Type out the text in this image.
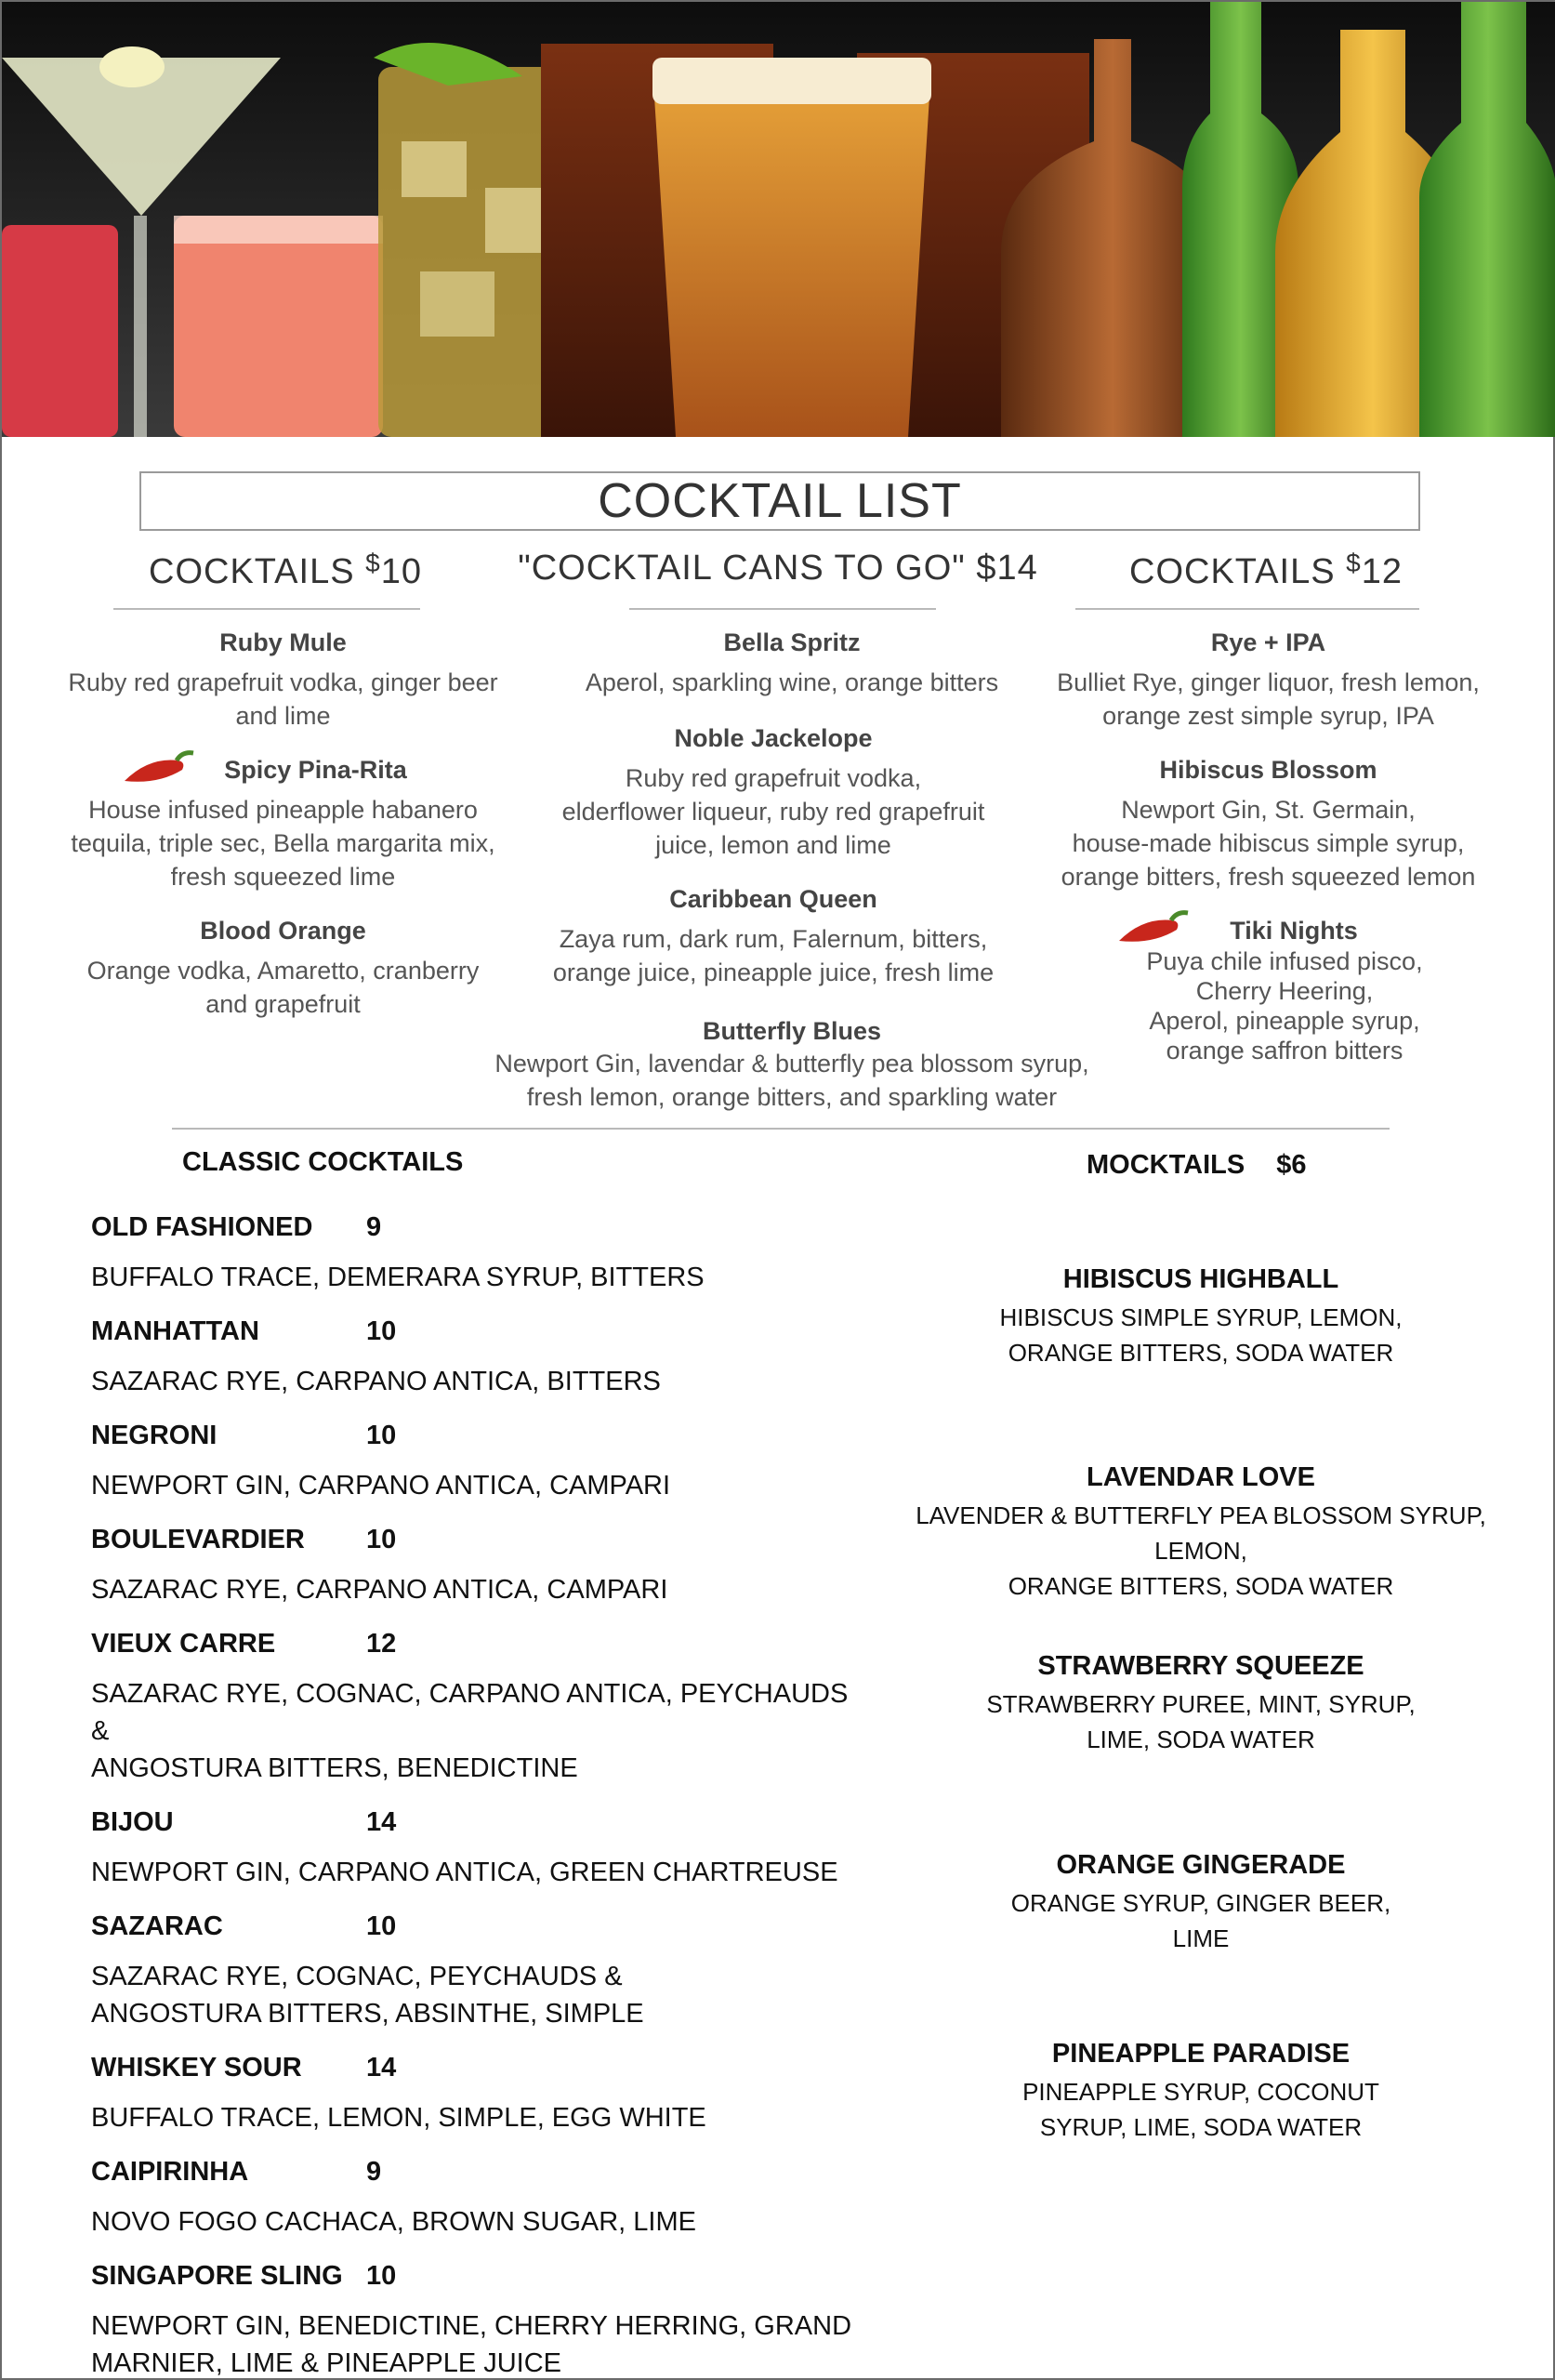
COCKTAIL LIST
COCKTAILS $10	"COCKTAIL CANS TO GO" $14	COCKTAILS $12
Ruby Mule
Ruby red grapefruit vodka, ginger beer
and lime
Spicy Pina-Rita
House infused pineapple habanero
tequila, triple sec, Bella margarita mix,
fresh squeezed lime
Blood Orange
Orange vodka, Amaretto, cranberry
and grapefruit
Bella Spritz
Aperol, sparkling wine, orange bitters
Noble Jackelope
Ruby red grapefruit vodka,
elderflower liqueur, ruby red grapefruit
juice, lemon and lime
Caribbean Queen
Zaya rum, dark rum, Falernum, bitters,
orange juice, pineapple juice, fresh lime
Butterfly Blues
Newport Gin, lavendar & butterfly pea blossom syrup,
fresh lemon, orange bitters, and sparkling water
Rye + IPA
Bulliet Rye, ginger liquor, fresh lemon,
orange zest simple syrup, IPA
Hibiscus Blossom
Newport Gin, St. Germain,
house-made hibiscus simple syrup,
orange bitters, fresh squeezed lemon
Tiki Nights
Puya chile infused pisco,
Cherry Heering,
Aperol, pineapple syrup,
orange saffron bitters
CLASSIC COCKTAILS
OLD FASHIONED	9
BUFFALO TRACE, DEMERARA SYRUP, BITTERS
MANHATTAN	10
SAZARAC RYE, CARPANO ANTICA, BITTERS
NEGRONI	10
NEWPORT GIN, CARPANO ANTICA, CAMPARI
BOULEVARDIER	10
SAZARAC RYE, CARPANO ANTICA, CAMPARI
VIEUX CARRE	12
SAZARAC RYE, COGNAC, CARPANO ANTICA, PEYCHAUDS &
ANGOSTURA BITTERS, BENEDICTINE
BIJOU	14
NEWPORT GIN, CARPANO ANTICA, GREEN CHARTREUSE
SAZARAC	10
SAZARAC RYE, COGNAC, PEYCHAUDS &
ANGOSTURA BITTERS, ABSINTHE, SIMPLE
WHISKEY SOUR	14
BUFFALO TRACE, LEMON, SIMPLE, EGG WHITE
CAIPIRINHA	9
NOVO FOGO CACHACA, BROWN SUGAR, LIME
SINGAPORE SLING 10
NEWPORT GIN, BENEDICTINE, CHERRY HERRING, GRAND
MARNIER, LIME & PINEAPPLE JUICE
MOCKTAILS $6
HIBISCUS HIGHBALL
HIBISCUS SIMPLE SYRUP, LEMON,
ORANGE BITTERS, SODA WATER
LAVENDAR LOVE
LAVENDER & BUTTERFLY PEA BLOSSOM SYRUP, LEMON,
ORANGE BITTERS, SODA WATER
STRAWBERRY SQUEEZE
STRAWBERRY PUREE, MINT, SYRUP,
LIME, SODA WATER
ORANGE GINGERADE
ORANGE SYRUP, GINGER BEER,
LIME
PINEAPPLE PARADISE
PINEAPPLE SYRUP, COCONUT
SYRUP, LIME, SODA WATER
